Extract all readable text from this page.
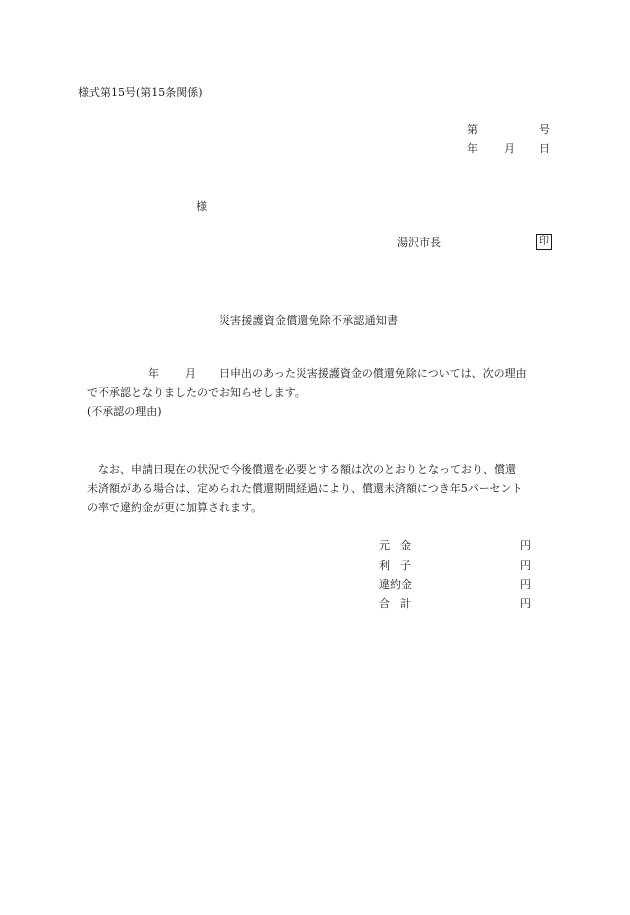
様式第15号(第15条関係)
第	号
年 月 日
様
湯沢市長	印
災害援護資金償還免除不承認通知書
年 月 日申出のあった災害援護資金の償還免除については、次の理由
で不承認となりましたのでお知らせします。
(不承認の理由)
なお、申請日現在の状況で今後償還を必要とする額は次のとおりとなっており、償還
未済額がある場合は、定められた償還期間経過により、償還未済額につき年5パーセント
の率で違約金が更に加算されます。
元金	円
利子	円
違約金	円
合計	円
